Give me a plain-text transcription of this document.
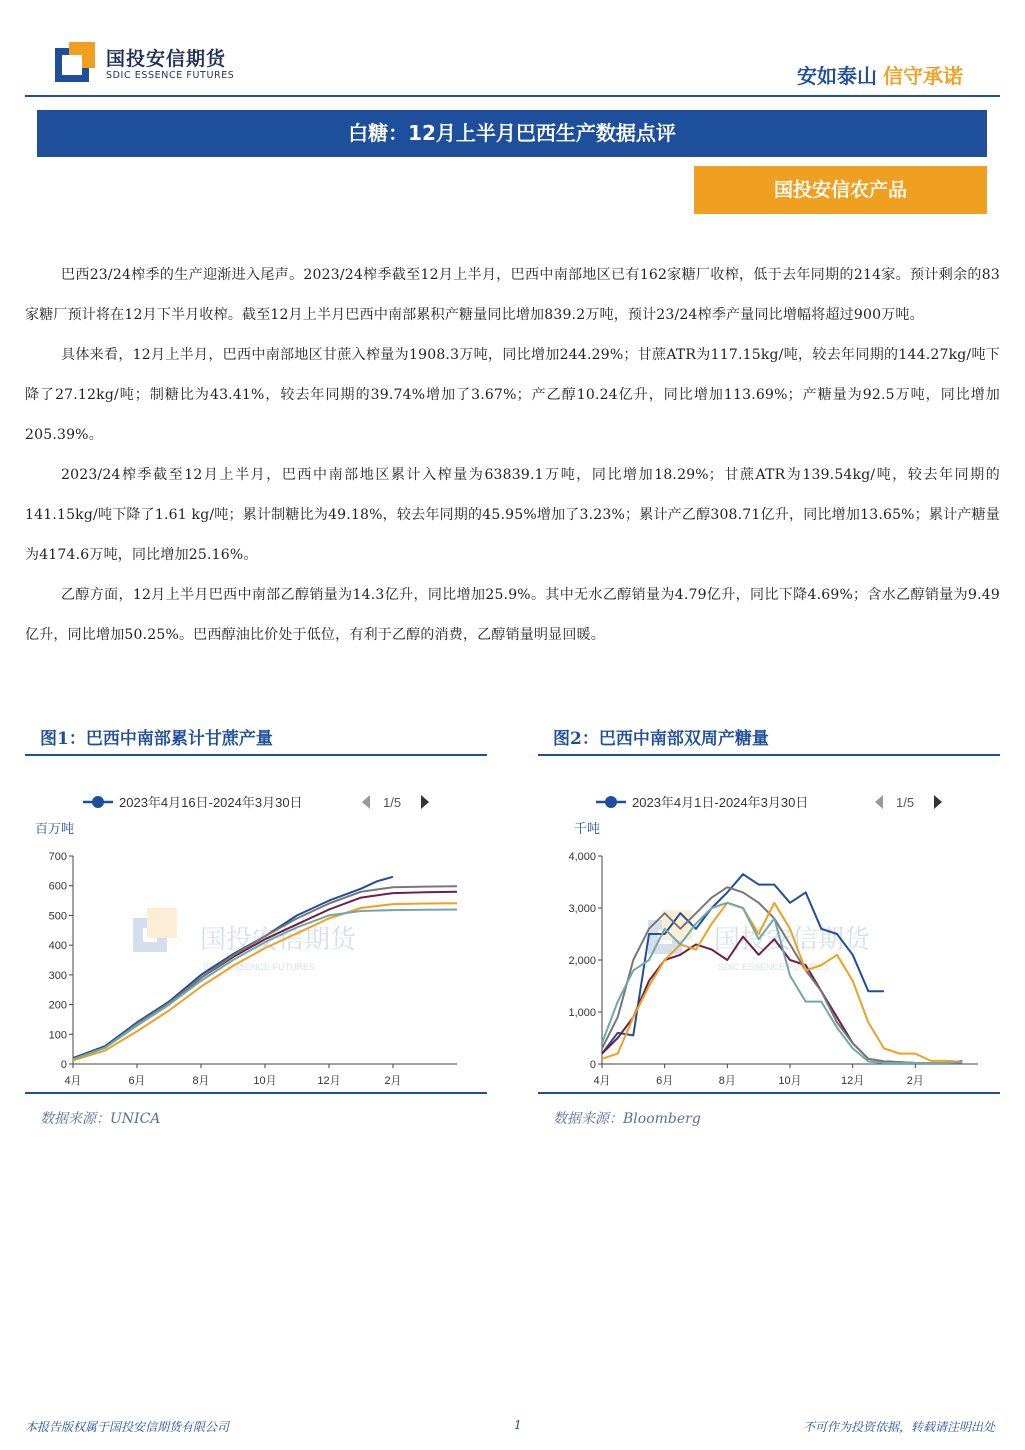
国投安信期货
SDIC ESSENCE FUTURES	安如泰山 信守承诺
白糖：12月上半月巴西生产数据点评
国投安信农产品

巴西23/24榨季的生产迎渐进入尾声。2023/24榨季截至12月上半月，巴西中南部地区已有162家糖厂收榨，低于去年同期的214家。预计剩余的83家糖厂预计将在12月下半月收榨。截至12月上半月巴西中南部累积产糖量同比增加839.2万吨，预计23/24榨季产量同比增幅将超过900万吨。

具体来看，12月上半月，巴西中南部地区甘蔗入榨量为1908.3万吨，同比增加244.29%；甘蔗ATR为117.15kg/吨，较去年同期的144.27kg/吨下降了27.12kg/吨；制糖比为43.41%，较去年同期的39.74%增加了3.67%；产乙醇10.24亿升，同比增加113.69%；产糖量为92.5万吨，同比增加205.39%。

2023/24榨季截至12月上半月，巴西中南部地区累计入榨量为63839.1万吨，同比增加18.29%；甘蔗ATR为139.54kg/吨，较去年同期的141.15kg/吨下降了1.61 kg/吨；累计制糖比为49.18%，较去年同期的45.95%增加了3.23%；累计产乙醇308.71亿升，同比增加13.65%；累计产糖量为4174.6万吨，同比增加25.16%。

乙醇方面，12月上半月巴西中南部乙醇销量为14.3亿升，同比增加25.9%。其中无水乙醇销量为4.79亿升，同比下降4.69%；含水乙醇销量为9.49亿升，同比增加50.25%。巴西醇油比价处于低位，有利于乙醇的消费，乙醇销量明显回暖。

图1：巴西中南部累计甘蔗产量
2023年4月16日-2024年3月30日	1/5
百万吨
国投安信期货
SDIC ESSENCE FUTURES
0
100
200
300
400
500
600
700
4月	6月	8月	10月	12月	2月
数据来源：UNICA
图2：巴西中南部双周产糖量
2023年4月1日-2024年3月30日	1/5
千吨
国投安信期货
SDIC ESSENCE FUTURES
0
1,000
2,000
3,000
4,000
4月	6月	8月	10月	12月	2月
数据来源：Bloomberg
本报告版权属于国投安信期货有限公司	1	不可作为投资依据，转载请注明出处
